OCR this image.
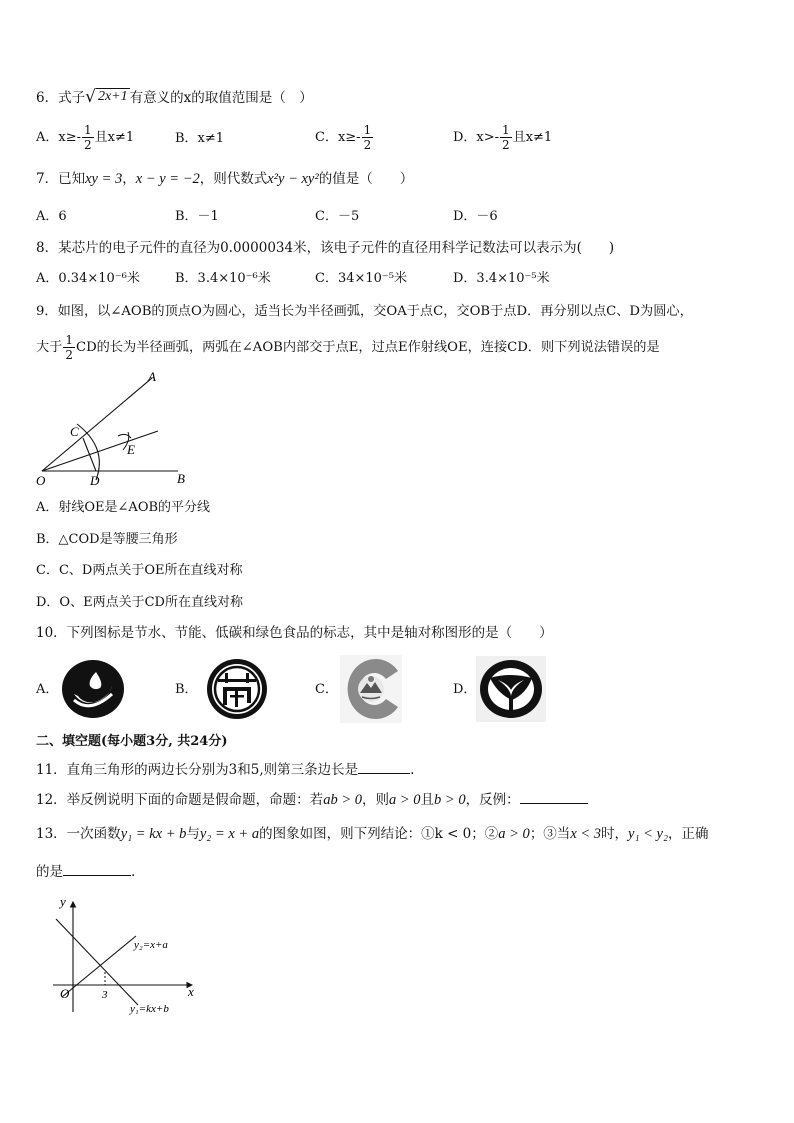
6．式子 √ 2x+1 有意义的x的取值范围是（　）
A．$x\ge- \frac{1}{2}$ 且x≠1	B．x≠1	C．$x\ge- \frac{1}{2}$	D．$x>- \frac{1}{2}$ 且x≠1
7．已知xy = 3，x − y = −2，则代数式x²y − xy²的值是（　　）
A．6	B．－1	C．－5	D．－6
8．某芯片的电子元件的直径为0.0000034米，该电子元件的直径用科学记数法可以表示为(　　)
A．0.34×10⁻⁶米	B．3.4×10⁻⁶米	C．34×10⁻⁵米	D．3.4×10⁻⁵米
9．如图，以∠AOB的顶点O为圆心，适当长为半径画弧，交OA于点C，交OB于点D．再分别以点C、D为圆心，
大于 $\frac{1}{2}$ CD的长为半径画弧，两弧在∠AOB内部交于点E，过点E作射线OE，连接CD．则下列说法错误的是
A
B
C
D
E
O
A．射线OE是∠AOB的平分线
B．△COD是等腰三角形
C．C、D两点关于OE所在直线对称
D．O、E两点关于CD所在直线对称
10．下列图标是节水、节能、低碳和绿色食品的标志，其中是轴对称图形的是（　　）
A．	B．	C．	D．
二、填空题(每小题3分, 共24分)
11．直角三角形的两边长分别为3和5,则第三条边长是	.
12．举反例说明下面的命题是假命题，命题：若ab > 0，则a > 0且b > 0，反例：
13．一次函数y₁ = kx + b与y₂ = x + a的图象如图，则下列结论：①k < 0；②a > 0；③当x < 3时，y₁ < y₂，正确
的是	.
y
x
O	3
y₂=x+a
y₁=kx+b
